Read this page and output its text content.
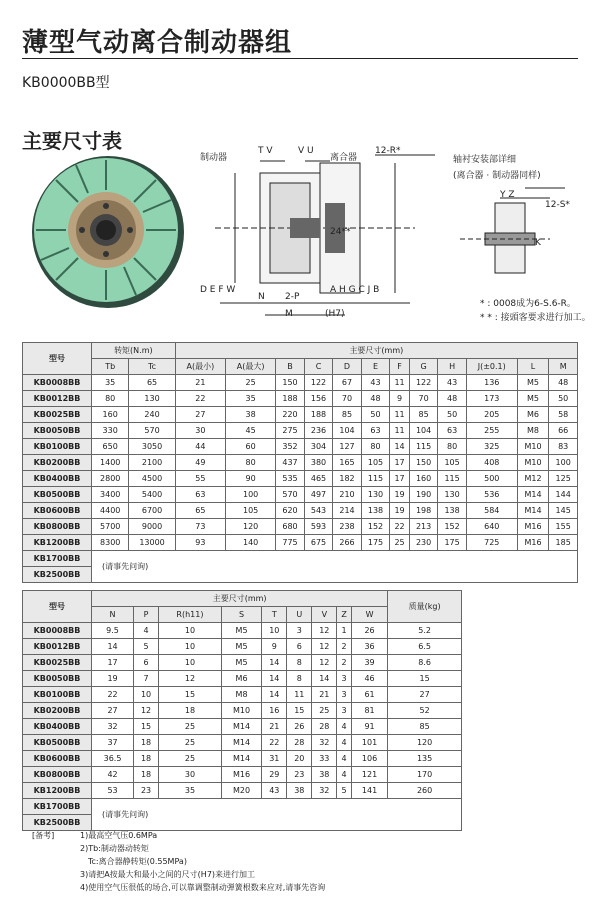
薄型气动离合制动器组
KB0000BB型
主要尺寸表
制动器	离合器
T V	V U	12-R*
24**
D E F W
N 2-P
M	(H7)
A H G C J B
轴衬安装部详细
(离合器 · 制动器同样)
Y Z
12-S*
K
* : 0008成为6-S.6-R。
* * : 接頭客要求进行加工。
型号	转矩(N.m)		主要尺寸(mm)											
	Tb	Tc	A(最小)	A(最大)	B	C	D	E	F	G	H	J(±0.1)	L	M
KB0008BB	35	65	21	25	150	122	67	43	11	122	43	136	M5	48
KB0012BB	80	130	22	35	188	156	70	48	9	70	48	173	M5	50
KB0025BB	160	240	27	38	220	188	85	50	11	85	50	205	M6	58
KB0050BB	330	570	30	45	275	236	104	63	11	104	63	255	M8	66
KB0100BB	650	3050	44	60	352	304	127	80	14	115	80	325	M10	83
KB0200BB	1400	2100	49	80	437	380	165	105	17	150	105	408	M10	100
KB0400BB	2800	4500	55	90	535	465	182	115	17	160	115	500	M12	125
KB0500BB	3400	5400	63	100	570	497	210	130	19	190	130	536	M14	144
KB0600BB	4400	6700	65	105	620	543	214	138	19	198	138	584	M14	145
KB0800BB	5700	9000	73	120	680	593	238	152	22	213	152	640	M16	155
KB1200BB	8300	13000	93	140	775	675	266	175	25	230	175	725	M16	185
KB1700BB	(请事先问询)													
KB2500BB														
型号	主要尺寸(mm)									质量(kg)
	N	P	R(h11)	S	T	U	V	Z	W	
KB0008BB	9.5	4	10	M5	10	3	12	1	26	5.2
KB0012BB	14	5	10	M5	9	6	12	2	36	6.5
KB0025BB	17	6	10	M5	14	8	12	2	39	8.6
KB0050BB	19	7	12	M6	14	8	14	3	46	15
KB0100BB	22	10	15	M8	14	11	21	3	61	27
KB0200BB	27	12	18	M10	16	15	25	3	81	52
KB0400BB	32	15	25	M14	21	26	28	4	91	85
KB0500BB	37	18	25	M14	22	28	32	4	101	120
KB0600BB	36.5	18	25	M14	31	20	33	4	106	135
KB0800BB	42	18	30	M16	29	23	38	4	121	170
KB1200BB	53	23	35	M20	43	38	32	5	141	260
KB1700BB	(请事先问询)									
KB2500BB										
[备考]	1)最高空气压0.6MPa
2)Tb:制动器动转矩
Tc:离合器静转矩(0.55MPa)
3)请把A按最大和最小之间的尺寸(H7)来进行加工
4)使用空气压很低的场合,可以靠调整制动弹簧根数来应对,请事先咨询
